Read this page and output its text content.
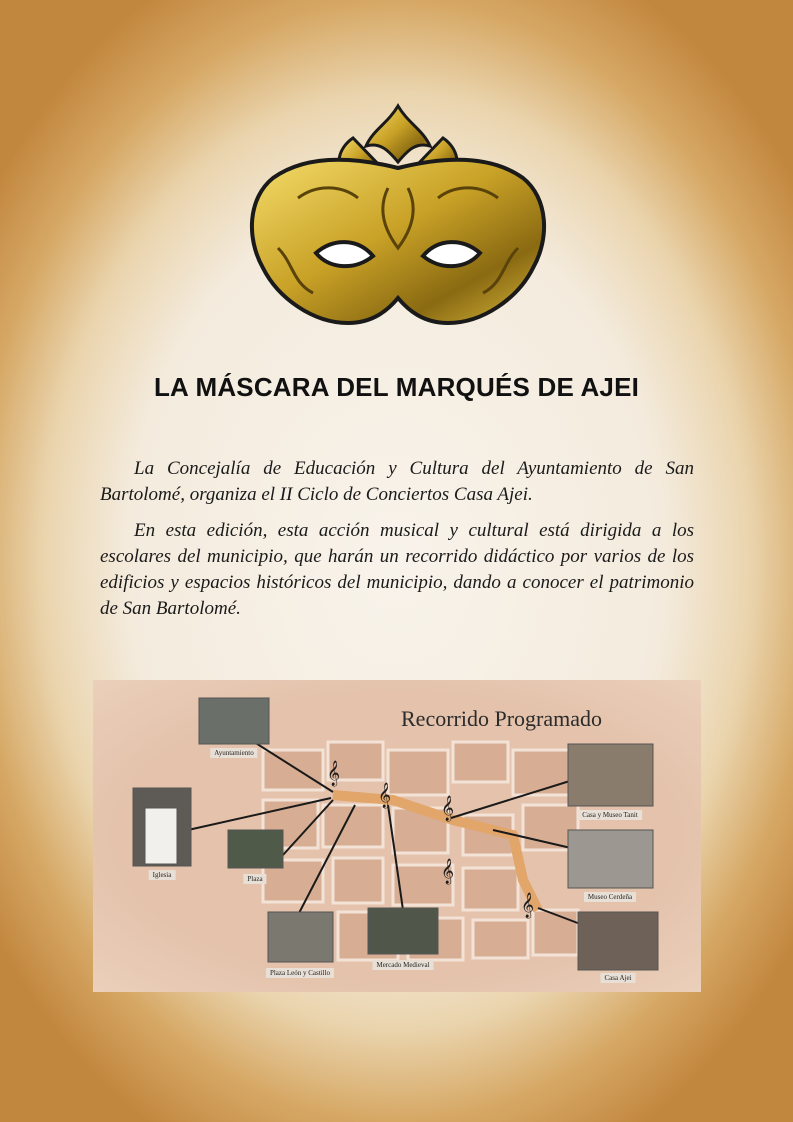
LA MÁSCARA DEL MARQUÉS DE AJEI

La Concejalía de Educación y Cultura del Ayuntamiento de San Bartolomé, organiza el II Ciclo de Conciertos Casa Ajei.

En esta edición, esta acción musical y cultural está dirigida a los escolares del municipio, que harán un recorrido didáctico por varios de los edificios y espacios históricos del municipio, dando a conocer el patrimonio de San Bartolomé.

𝄞
𝄞
𝄞
𝄞
𝄞
Recorrido Programado
Ayuntamiento
Iglesia	Plaza
Plaza León y Castillo
Mercado Medieval
Casa y Museo Tanit
Museo Cerdeña
Casa Ajei
